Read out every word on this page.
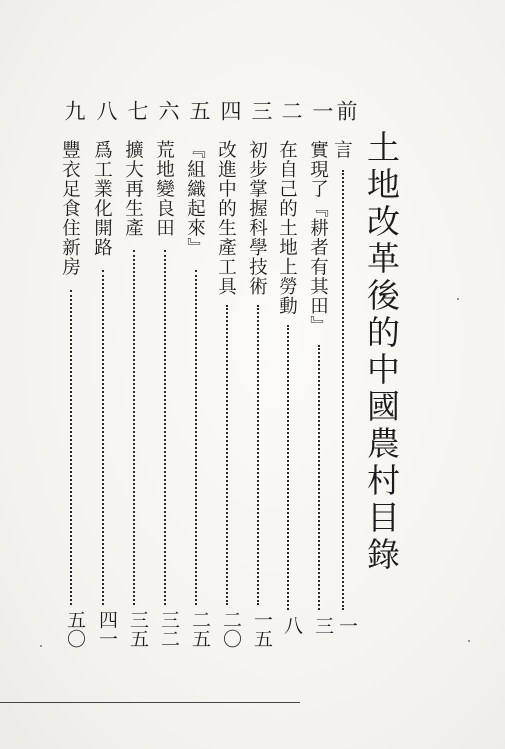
土地改革後的中國農村目錄
前
言
一
一
實現了『耕者有其田』
三
二
在自己的土地上勞動
八
三
初步掌握科學技術
一五
四
改進中的生產工具
二〇
五
『組織起來』
二五
六
荒地變良田
三二
七
擴大再生產
三五
八
爲工業化開路
四一
九
豐衣足食住新房
五〇
